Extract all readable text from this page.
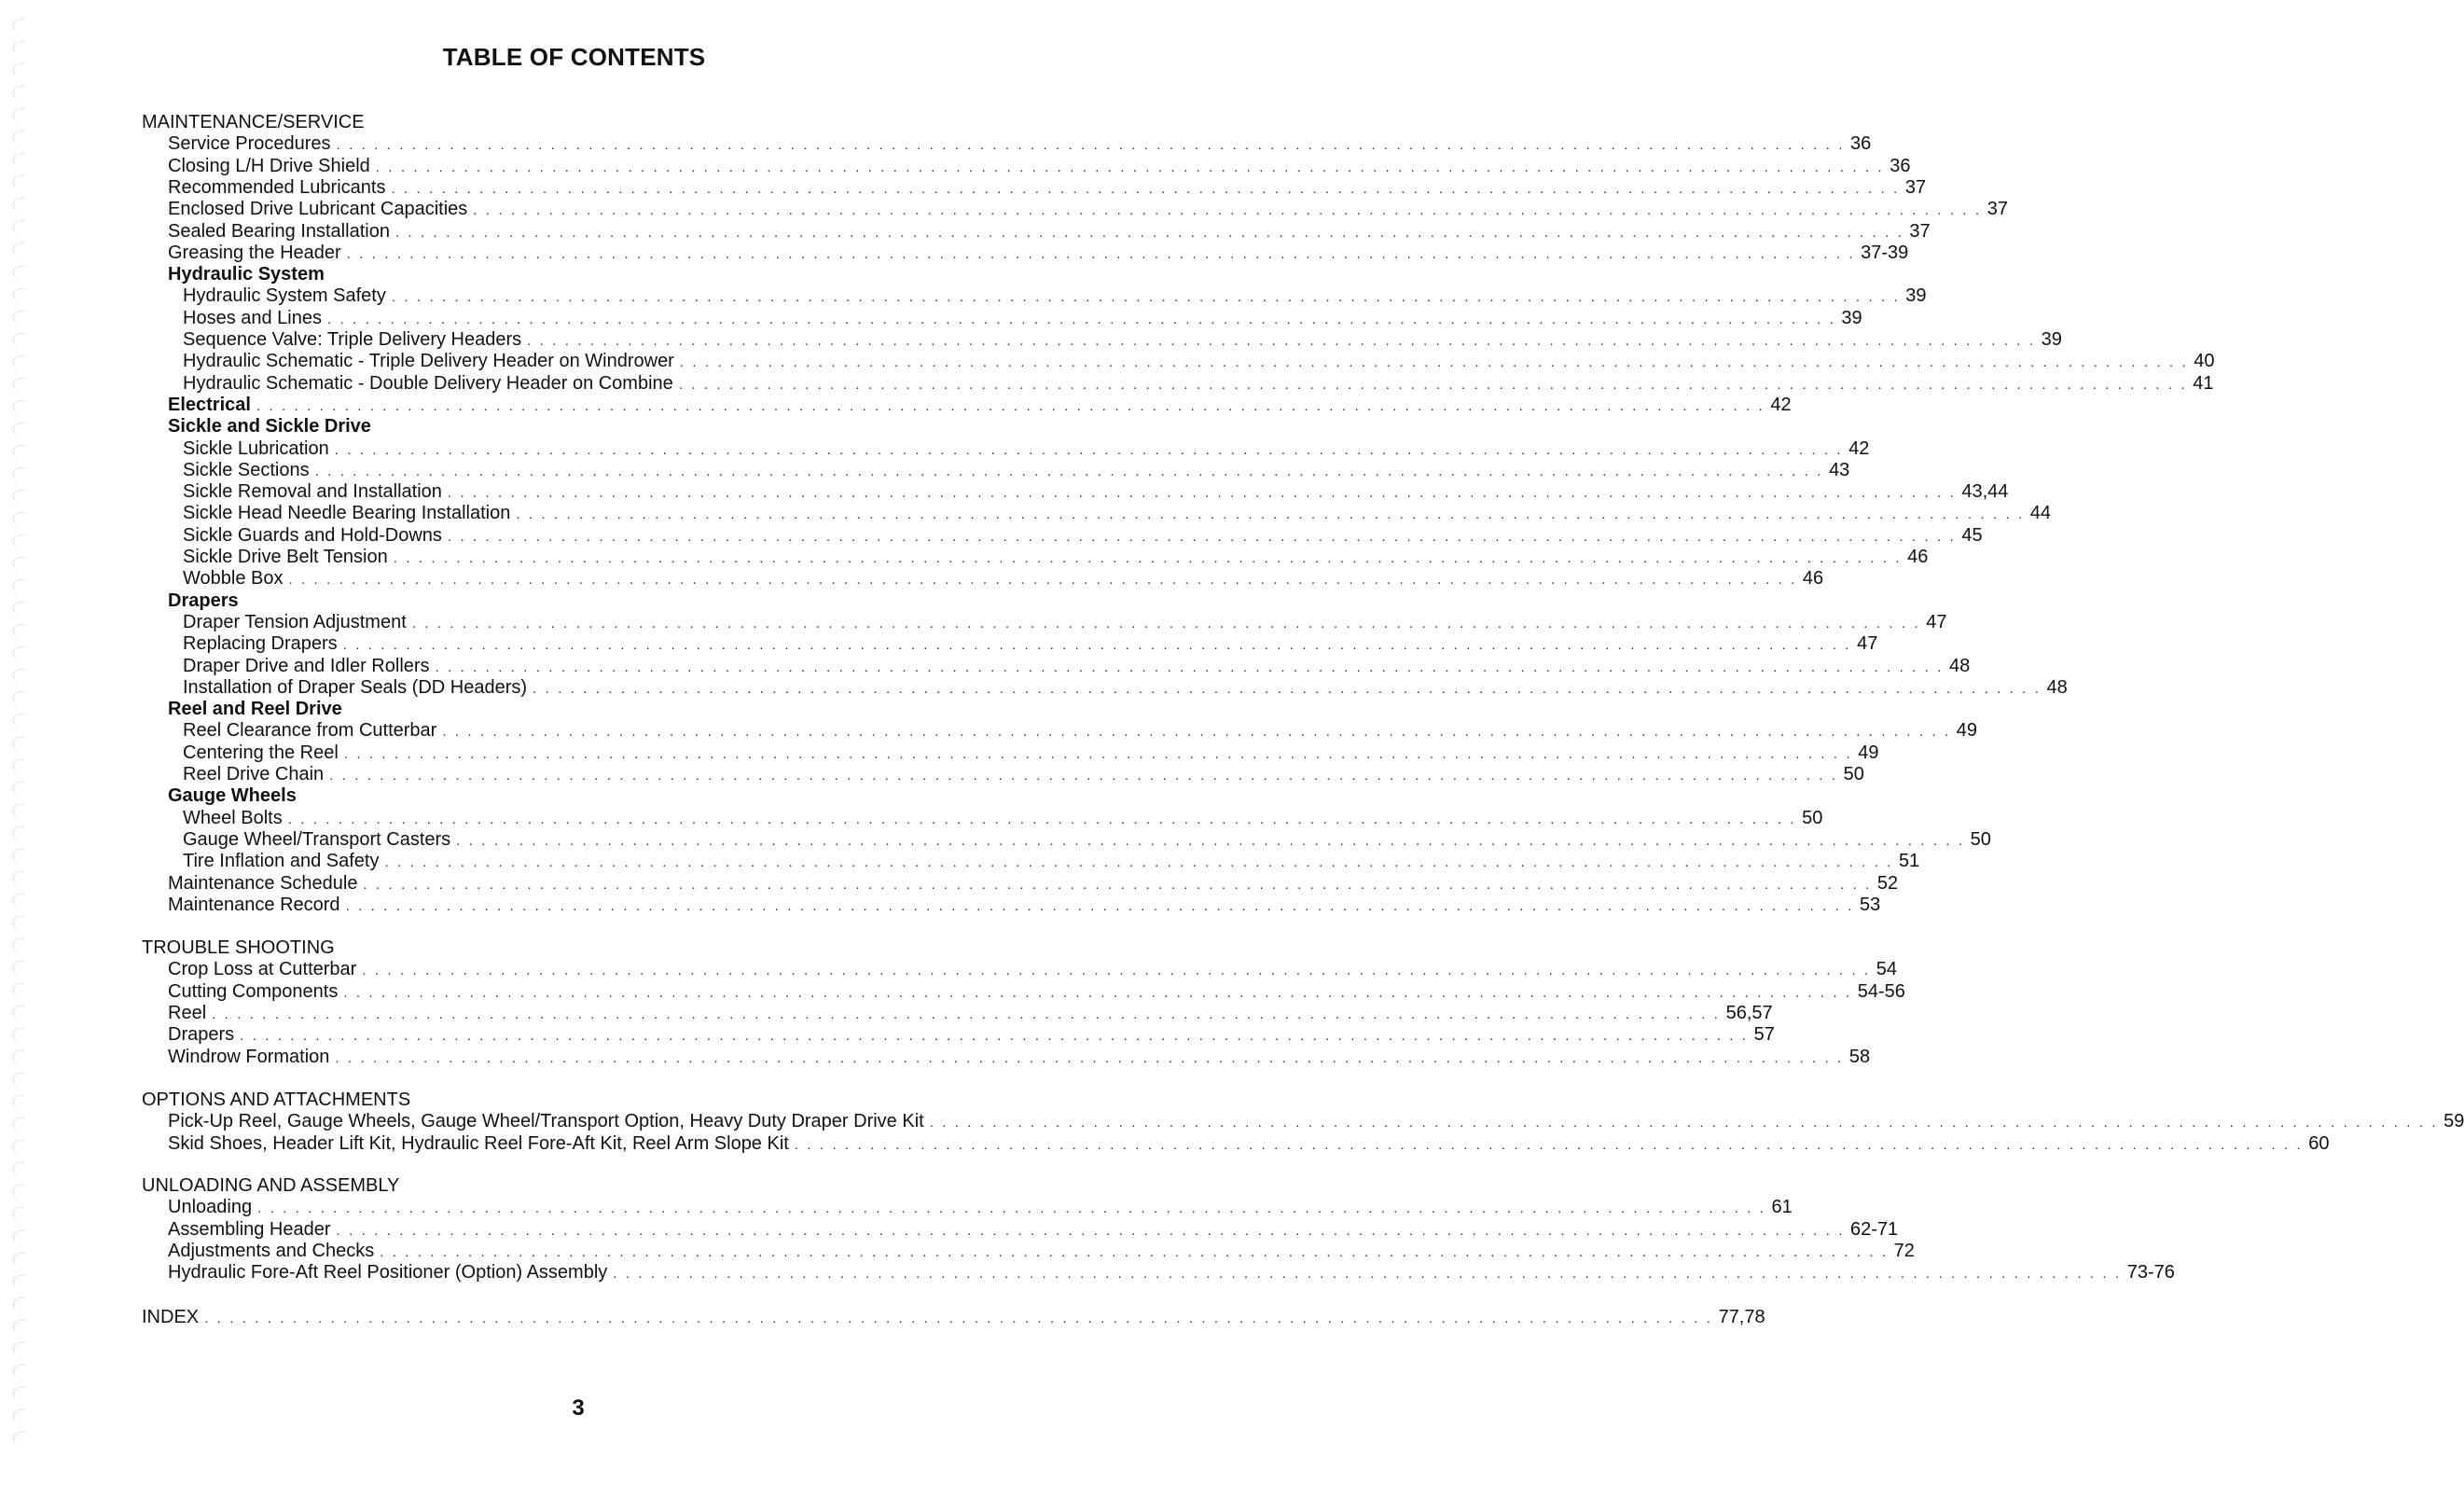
TABLE OF CONTENTS
MAINTENANCE/SERVICE
Service Procedures . . . . . . . . . . . . . . . . . . . . . . . . . . . . . . . . . . . . . . . . . . . . . . . . . . . . . . . . . . . . . . . . . . . . . . . . . . . . . . . . . . . . . . . . . . . . . . . . . . . . . . . . . . . . . . . . . . . . . . . . 36
Closing L/H Drive Shield . . . . . . . . . . . . . . . . . . . . . . . . . . . . . . . . . . . . . . . . . . . . . . . . . . . . . . . . . . . . . . . . . . . . . . . . . . . . . . . . . . . . . . . . . . . . . . . . . . . . . . . . . . . . . . . . . . . . . . . . 36
Recommended Lubricants . . . . . . . . . . . . . . . . . . . . . . . . . . . . . . . . . . . . . . . . . . . . . . . . . . . . . . . . . . . . . . . . . . . . . . . . . . . . . . . . . . . . . . . . . . . . . . . . . . . . . . . . . . . . . . . . . . . . . . . . 37
Enclosed Drive Lubricant Capacities . . . . . . . . . . . . . . . . . . . . . . . . . . . . . . . . . . . . . . . . . . . . . . . . . . . . . . . . . . . . . . . . . . . . . . . . . . . . . . . . . . . . . . . . . . . . . . . . . . . . . . . . . . . . . . . . . . . . . . . . 37
Sealed Bearing Installation . . . . . . . . . . . . . . . . . . . . . . . . . . . . . . . . . . . . . . . . . . . . . . . . . . . . . . . . . . . . . . . . . . . . . . . . . . . . . . . . . . . . . . . . . . . . . . . . . . . . . . . . . . . . . . . . . . . . . . . . 37
Greasing the Header . . . . . . . . . . . . . . . . . . . . . . . . . . . . . . . . . . . . . . . . . . . . . . . . . . . . . . . . . . . . . . . . . . . . . . . . . . . . . . . . . . . . . . . . . . . . . . . . . . . . . . . . . . . . . . . . . . . . . . . . 37-39
Hydraulic System
Hydraulic System Safety . . . . . . . . . . . . . . . . . . . . . . . . . . . . . . . . . . . . . . . . . . . . . . . . . . . . . . . . . . . . . . . . . . . . . . . . . . . . . . . . . . . . . . . . . . . . . . . . . . . . . . . . . . . . . . . . . . . . . . . . 39
Hoses and Lines . . . . . . . . . . . . . . . . . . . . . . . . . . . . . . . . . . . . . . . . . . . . . . . . . . . . . . . . . . . . . . . . . . . . . . . . . . . . . . . . . . . . . . . . . . . . . . . . . . . . . . . . . . . . . . . . . . . . . . . . 39
Sequence Valve: Triple Delivery Headers . . . . . . . . . . . . . . . . . . . . . . . . . . . . . . . . . . . . . . . . . . . . . . . . . . . . . . . . . . . . . . . . . . . . . . . . . . . . . . . . . . . . . . . . . . . . . . . . . . . . . . . . . . . . . . . . . . . . . . . . 39
Hydraulic Schematic - Triple Delivery Header on Windrower . . . . . . . . . . . . . . . . . . . . . . . . . . . . . . . . . . . . . . . . . . . . . . . . . . . . . . . . . . . . . . . . . . . . . . . . . . . . . . . . . . . . . . . . . . . . . . . . . . . . . . . . . . . . . . . . . . . . . . . . 40
Hydraulic Schematic - Double Delivery Header on Combine . . . . . . . . . . . . . . . . . . . . . . . . . . . . . . . . . . . . . . . . . . . . . . . . . . . . . . . . . . . . . . . . . . . . . . . . . . . . . . . . . . . . . . . . . . . . . . . . . . . . . . . . . . . . . . . . . . . . . . . . 41
Electrical . . . . . . . . . . . . . . . . . . . . . . . . . . . . . . . . . . . . . . . . . . . . . . . . . . . . . . . . . . . . . . . . . . . . . . . . . . . . . . . . . . . . . . . . . . . . . . . . . . . . . . . . . . . . . . . . . . . . . . . . 42
Sickle and Sickle Drive
Sickle Lubrication . . . . . . . . . . . . . . . . . . . . . . . . . . . . . . . . . . . . . . . . . . . . . . . . . . . . . . . . . . . . . . . . . . . . . . . . . . . . . . . . . . . . . . . . . . . . . . . . . . . . . . . . . . . . . . . . . . . . . . . . 42
Sickle Sections . . . . . . . . . . . . . . . . . . . . . . . . . . . . . . . . . . . . . . . . . . . . . . . . . . . . . . . . . . . . . . . . . . . . . . . . . . . . . . . . . . . . . . . . . . . . . . . . . . . . . . . . . . . . . . . . . . . . . . . . 43
Sickle Removal and Installation . . . . . . . . . . . . . . . . . . . . . . . . . . . . . . . . . . . . . . . . . . . . . . . . . . . . . . . . . . . . . . . . . . . . . . . . . . . . . . . . . . . . . . . . . . . . . . . . . . . . . . . . . . . . . . . . . . . . . . . . 43,44
Sickle Head Needle Bearing Installation . . . . . . . . . . . . . . . . . . . . . . . . . . . . . . . . . . . . . . . . . . . . . . . . . . . . . . . . . . . . . . . . . . . . . . . . . . . . . . . . . . . . . . . . . . . . . . . . . . . . . . . . . . . . . . . . . . . . . . . . 44
Sickle Guards and Hold-Downs . . . . . . . . . . . . . . . . . . . . . . . . . . . . . . . . . . . . . . . . . . . . . . . . . . . . . . . . . . . . . . . . . . . . . . . . . . . . . . . . . . . . . . . . . . . . . . . . . . . . . . . . . . . . . . . . . . . . . . . . 45
Sickle Drive Belt Tension . . . . . . . . . . . . . . . . . . . . . . . . . . . . . . . . . . . . . . . . . . . . . . . . . . . . . . . . . . . . . . . . . . . . . . . . . . . . . . . . . . . . . . . . . . . . . . . . . . . . . . . . . . . . . . . . . . . . . . . . 46
Wobble Box . . . . . . . . . . . . . . . . . . . . . . . . . . . . . . . . . . . . . . . . . . . . . . . . . . . . . . . . . . . . . . . . . . . . . . . . . . . . . . . . . . . . . . . . . . . . . . . . . . . . . . . . . . . . . . . . . . . . . . . . 46
Drapers
Draper Tension Adjustment . . . . . . . . . . . . . . . . . . . . . . . . . . . . . . . . . . . . . . . . . . . . . . . . . . . . . . . . . . . . . . . . . . . . . . . . . . . . . . . . . . . . . . . . . . . . . . . . . . . . . . . . . . . . . . . . . . . . . . . . 47
Replacing Drapers . . . . . . . . . . . . . . . . . . . . . . . . . . . . . . . . . . . . . . . . . . . . . . . . . . . . . . . . . . . . . . . . . . . . . . . . . . . . . . . . . . . . . . . . . . . . . . . . . . . . . . . . . . . . . . . . . . . . . . . . 47
Draper Drive and Idler Rollers . . . . . . . . . . . . . . . . . . . . . . . . . . . . . . . . . . . . . . . . . . . . . . . . . . . . . . . . . . . . . . . . . . . . . . . . . . . . . . . . . . . . . . . . . . . . . . . . . . . . . . . . . . . . . . . . . . . . . . . . 48
Installation of Draper Seals (DD Headers) . . . . . . . . . . . . . . . . . . . . . . . . . . . . . . . . . . . . . . . . . . . . . . . . . . . . . . . . . . . . . . . . . . . . . . . . . . . . . . . . . . . . . . . . . . . . . . . . . . . . . . . . . . . . . . . . . . . . . . . . 48
Reel and Reel Drive
Reel Clearance from Cutterbar . . . . . . . . . . . . . . . . . . . . . . . . . . . . . . . . . . . . . . . . . . . . . . . . . . . . . . . . . . . . . . . . . . . . . . . . . . . . . . . . . . . . . . . . . . . . . . . . . . . . . . . . . . . . . . . . . . . . . . . . 49
Centering the Reel . . . . . . . . . . . . . . . . . . . . . . . . . . . . . . . . . . . . . . . . . . . . . . . . . . . . . . . . . . . . . . . . . . . . . . . . . . . . . . . . . . . . . . . . . . . . . . . . . . . . . . . . . . . . . . . . . . . . . . . . 49
Reel Drive Chain . . . . . . . . . . . . . . . . . . . . . . . . . . . . . . . . . . . . . . . . . . . . . . . . . . . . . . . . . . . . . . . . . . . . . . . . . . . . . . . . . . . . . . . . . . . . . . . . . . . . . . . . . . . . . . . . . . . . . . . . 50
Gauge Wheels
Wheel Bolts . . . . . . . . . . . . . . . . . . . . . . . . . . . . . . . . . . . . . . . . . . . . . . . . . . . . . . . . . . . . . . . . . . . . . . . . . . . . . . . . . . . . . . . . . . . . . . . . . . . . . . . . . . . . . . . . . . . . . . . . 50
Gauge Wheel/Transport Casters . . . . . . . . . . . . . . . . . . . . . . . . . . . . . . . . . . . . . . . . . . . . . . . . . . . . . . . . . . . . . . . . . . . . . . . . . . . . . . . . . . . . . . . . . . . . . . . . . . . . . . . . . . . . . . . . . . . . . . . . 50
Tire Inflation and Safety . . . . . . . . . . . . . . . . . . . . . . . . . . . . . . . . . . . . . . . . . . . . . . . . . . . . . . . . . . . . . . . . . . . . . . . . . . . . . . . . . . . . . . . . . . . . . . . . . . . . . . . . . . . . . . . . . . . . . . . . 51
Maintenance Schedule . . . . . . . . . . . . . . . . . . . . . . . . . . . . . . . . . . . . . . . . . . . . . . . . . . . . . . . . . . . . . . . . . . . . . . . . . . . . . . . . . . . . . . . . . . . . . . . . . . . . . . . . . . . . . . . . . . . . . . . . 52
Maintenance Record . . . . . . . . . . . . . . . . . . . . . . . . . . . . . . . . . . . . . . . . . . . . . . . . . . . . . . . . . . . . . . . . . . . . . . . . . . . . . . . . . . . . . . . . . . . . . . . . . . . . . . . . . . . . . . . . . . . . . . . . 53
TROUBLE SHOOTING
Crop Loss at Cutterbar . . . . . . . . . . . . . . . . . . . . . . . . . . . . . . . . . . . . . . . . . . . . . . . . . . . . . . . . . . . . . . . . . . . . . . . . . . . . . . . . . . . . . . . . . . . . . . . . . . . . . . . . . . . . . . . . . . . . . . . . 54
Cutting Components . . . . . . . . . . . . . . . . . . . . . . . . . . . . . . . . . . . . . . . . . . . . . . . . . . . . . . . . . . . . . . . . . . . . . . . . . . . . . . . . . . . . . . . . . . . . . . . . . . . . . . . . . . . . . . . . . . . . . . . . 54-56
Reel . . . . . . . . . . . . . . . . . . . . . . . . . . . . . . . . . . . . . . . . . . . . . . . . . . . . . . . . . . . . . . . . . . . . . . . . . . . . . . . . . . . . . . . . . . . . . . . . . . . . . . . . . . . . . . . . . . . . . . . . 56,57
Drapers . . . . . . . . . . . . . . . . . . . . . . . . . . . . . . . . . . . . . . . . . . . . . . . . . . . . . . . . . . . . . . . . . . . . . . . . . . . . . . . . . . . . . . . . . . . . . . . . . . . . . . . . . . . . . . . . . . . . . . . . 57
Windrow Formation . . . . . . . . . . . . . . . . . . . . . . . . . . . . . . . . . . . . . . . . . . . . . . . . . . . . . . . . . . . . . . . . . . . . . . . . . . . . . . . . . . . . . . . . . . . . . . . . . . . . . . . . . . . . . . . . . . . . . . . . 58
OPTIONS AND ATTACHMENTS
Pick-Up Reel, Gauge Wheels, Gauge Wheel/Transport Option, Heavy Duty Draper Drive Kit . . . . . . . . . . . . . . . . . . . . . . . . . . . . . . . . . . . . . . . . . . . . . . . . . . . . . . . . . . . . . . . . . . . . . . . . . . . . . . . . . . . . . . . . . . . . . . . . . . . . . . . . . . . . . . . . . . . . . . . . 59
Skid Shoes, Header Lift Kit, Hydraulic Reel Fore-Aft Kit, Reel Arm Slope Kit . . . . . . . . . . . . . . . . . . . . . . . . . . . . . . . . . . . . . . . . . . . . . . . . . . . . . . . . . . . . . . . . . . . . . . . . . . . . . . . . . . . . . . . . . . . . . . . . . . . . . . . . . . . . . . . . . . . . . . . . 60
UNLOADING AND ASSEMBLY
Unloading . . . . . . . . . . . . . . . . . . . . . . . . . . . . . . . . . . . . . . . . . . . . . . . . . . . . . . . . . . . . . . . . . . . . . . . . . . . . . . . . . . . . . . . . . . . . . . . . . . . . . . . . . . . . . . . . . . . . . . . . 61
Assembling Header . . . . . . . . . . . . . . . . . . . . . . . . . . . . . . . . . . . . . . . . . . . . . . . . . . . . . . . . . . . . . . . . . . . . . . . . . . . . . . . . . . . . . . . . . . . . . . . . . . . . . . . . . . . . . . . . . . . . . . . . 62-71
Adjustments and Checks . . . . . . . . . . . . . . . . . . . . . . . . . . . . . . . . . . . . . . . . . . . . . . . . . . . . . . . . . . . . . . . . . . . . . . . . . . . . . . . . . . . . . . . . . . . . . . . . . . . . . . . . . . . . . . . . . . . . . . . . 72
Hydraulic Fore-Aft Reel Positioner (Option) Assembly . . . . . . . . . . . . . . . . . . . . . . . . . . . . . . . . . . . . . . . . . . . . . . . . . . . . . . . . . . . . . . . . . . . . . . . . . . . . . . . . . . . . . . . . . . . . . . . . . . . . . . . . . . . . . . . . . . . . . . . . 73-76
INDEX . . . . . . . . . . . . . . . . . . . . . . . . . . . . . . . . . . . . . . . . . . . . . . . . . . . . . . . . . . . . . . . . . . . . . . . . . . . . . . . . . . . . . . . . . . . . . . . . . . . . . . . . . . . . . . . . . . . . . . . . 77,78
3
